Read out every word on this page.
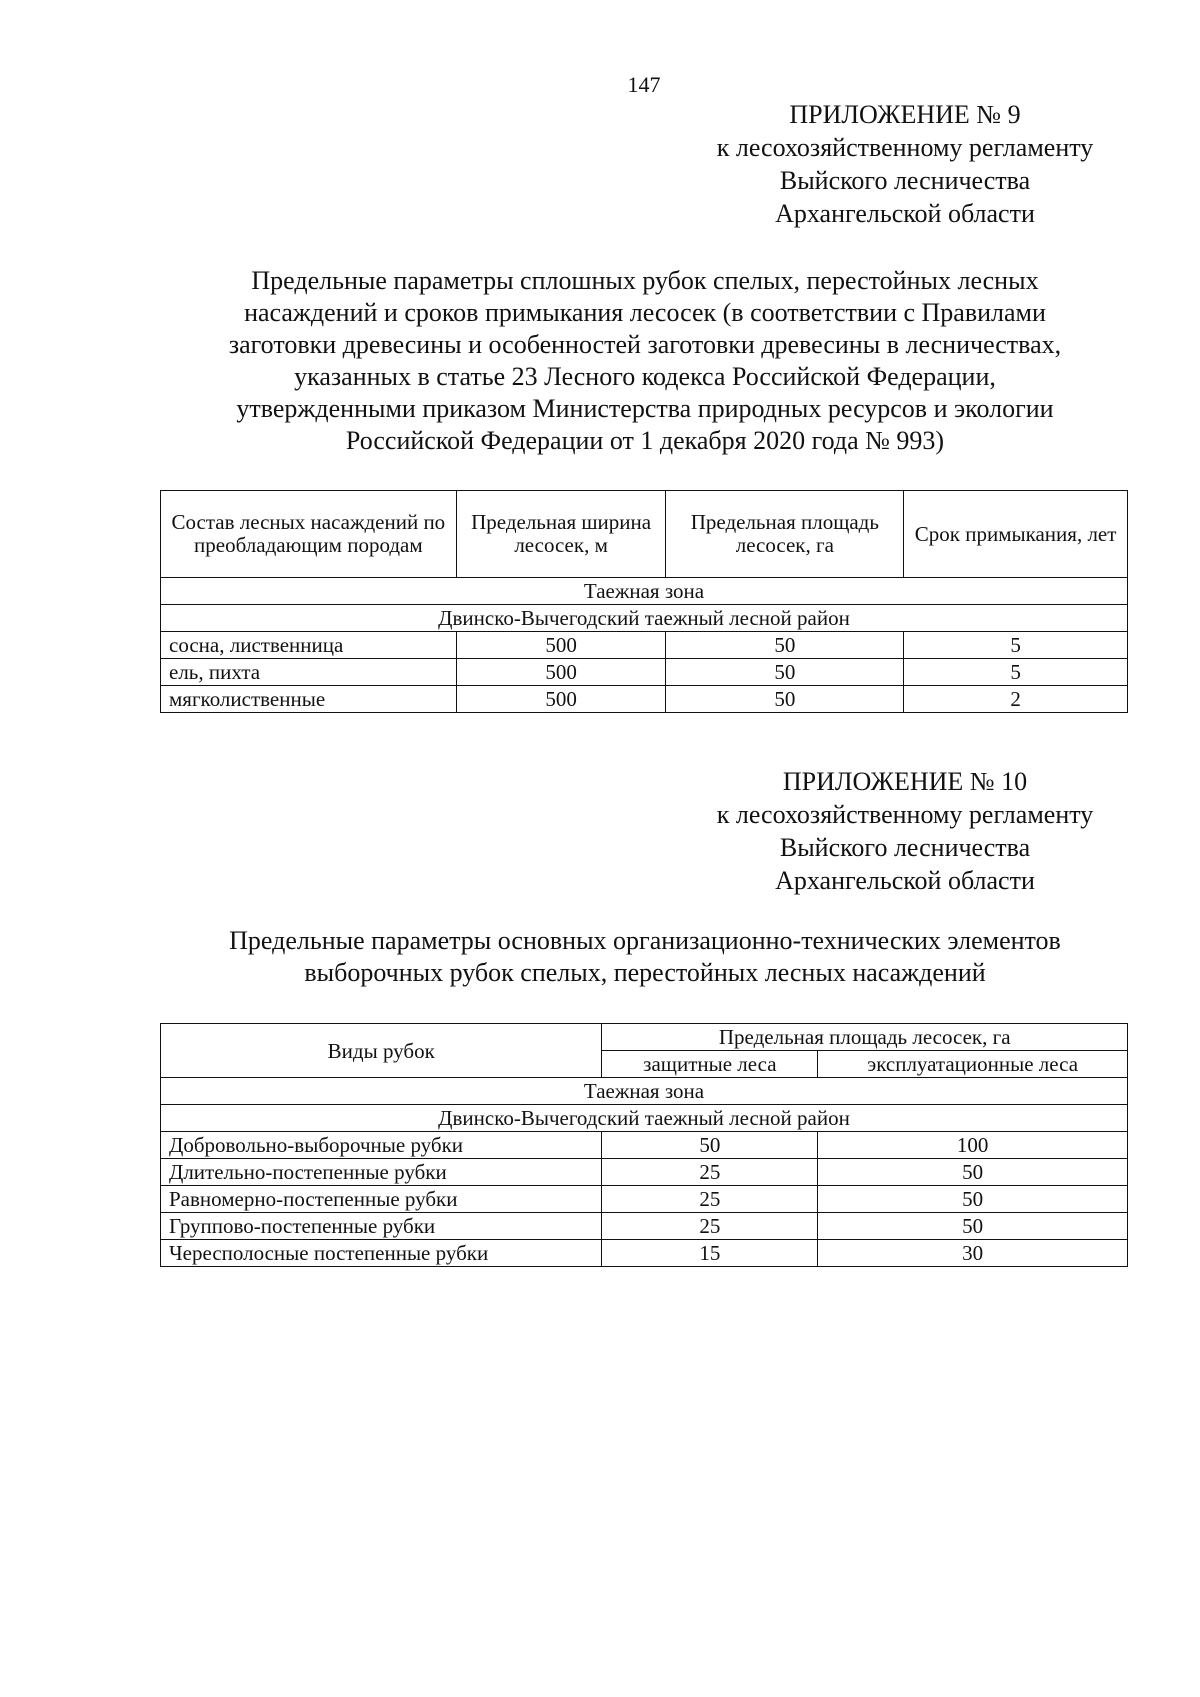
147
ПРИЛОЖЕНИЕ № 9
к лесохозяйственному регламенту
Выйского лесничества
Архангельской области
Предельные параметры сплошных рубок спелых, перестойных лесных
насаждений и сроков примыкания лесосек (в соответствии с Правилами
заготовки древесины и особенностей заготовки древесины в лесничествах,
указанных в статье 23 Лесного кодекса Российской Федерации,
утвержденными приказом Министерства природных ресурсов и экологии
Российской Федерации от 1 декабря 2020 года № 993)
Состав лесных насаждений по преобладающим породам	Предельная ширина лесосек, м	Предельная площадь лесосек, га	Срок примыкания, лет
Таежная зона			
Двинско-Вычегодский таежный лесной район			
сосна, лиственница	500	50	5
ель, пихта	500	50	5
мягколиственные	500	50	2
ПРИЛОЖЕНИЕ № 10
к лесохозяйственному регламенту
Выйского лесничества
Архангельской области
Предельные параметры основных организационно-технических элементов
выборочных рубок спелых, перестойных лесных насаждений
Виды рубок	Предельная площадь лесосек, га	
	защитные леса	эксплуатационные леса
Таежная зона		
Двинско-Вычегодский таежный лесной район		
Добровольно-выборочные рубки	50	100
Длительно-постепенные рубки	25	50
Равномерно-постепенные рубки	25	50
Группово-постепенные рубки	25	50
Чересполосные постепенные рубки	15	30
